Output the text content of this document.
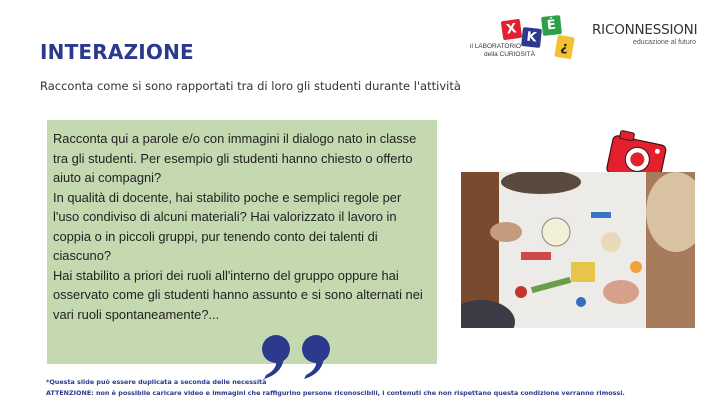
INTERAZIONE
Racconta come si sono rapportati tra di loro gli studenti durante l'attività
X K
É
¿
il LABORATORIO
della CURIOSITÀ
RICONNESSIONI
educazione al futuro
Racconta qui a parole e/o con immagini il dialogo nato in classe tra gli studenti. Per esempio gli studenti hanno chiesto o offerto aiuto ai compagni?
In qualità di docente, hai stabilito poche e semplici regole per l'uso condiviso di alcuni materiali? Hai valorizzato il lavoro in coppia o in piccoli gruppi, pur tenendo conto dei talenti di ciascuno?
Hai stabilito a priori dei ruoli all'interno del gruppo oppure hai osservato come gli studenti hanno assunto e si sono alternati nei vari ruoli spontaneamente?...
*Questa slide può essere duplicata a seconda delle necessità
ATTENZIONE: non è possibile caricare video e immagini che raffigurino persone riconoscibili, i contenuti che non rispettano questa condizione verranno rimossi.
